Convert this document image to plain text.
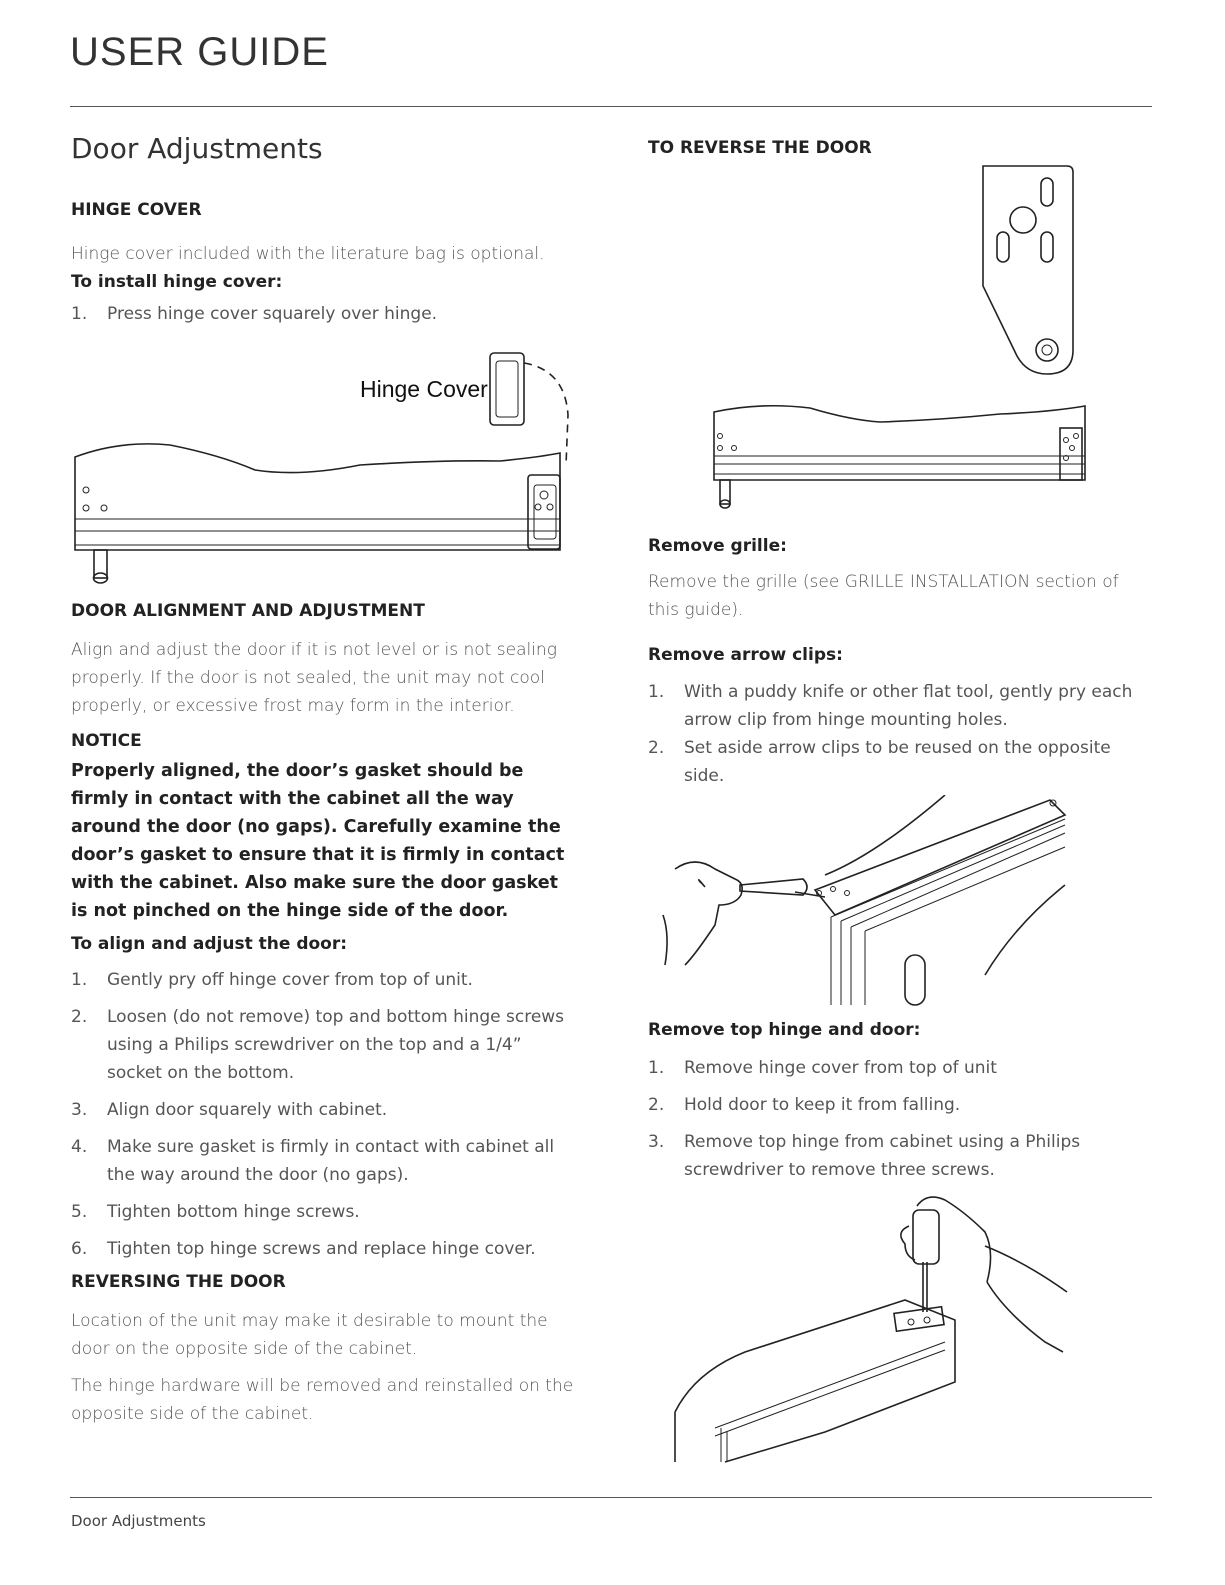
USER GUIDE
Door Adjustments
HINGE COVER
Hinge cover included with the literature bag is optional.
To install hinge cover:
1. Press hinge cover squarely over hinge.
Hinge Cover
DOOR ALIGNMENT AND ADJUSTMENT
Align and adjust the door if it is not level or is not sealing properly. If the door is not sealed, the unit may not cool properly, or excessive frost may form in the interior.
NOTICE
Properly aligned, the door’s gasket should be firmly in contact with the cabinet all the way around the door (no gaps). Carefully examine the door’s gasket to ensure that it is firmly in contact with the cabinet. Also make sure the door gasket is not pinched on the hinge side of the door.
To align and adjust the door:
1. Gently pry off hinge cover from top of unit.
2. Loosen (do not remove) top and bottom hinge screws using a Philips screwdriver on the top and a 1/4” socket on the bottom.
3. Align door squarely with cabinet.
4. Make sure gasket is firmly in contact with cabinet all the way around the door (no gaps).
5. Tighten bottom hinge screws.
6. Tighten top hinge screws and replace hinge cover.
REVERSING THE DOOR
Location of the unit may make it desirable to mount the door on the opposite side of the cabinet.
The hinge hardware will be removed and reinstalled on the opposite side of the cabinet.
TO REVERSE THE DOOR
Remove grille:
Remove the grille (see GRILLE INSTALLATION section of this guide).
Remove arrow clips:
1. With a puddy knife or other flat tool, gently pry each arrow clip from hinge mounting holes.
2. Set aside arrow clips to be reused on the opposite side.
Remove top hinge and door:
1. Remove hinge cover from top of unit
2. Hold door to keep it from falling.
3. Remove top hinge from cabinet using a Philips screwdriver to remove three screws.
Door Adjustments
